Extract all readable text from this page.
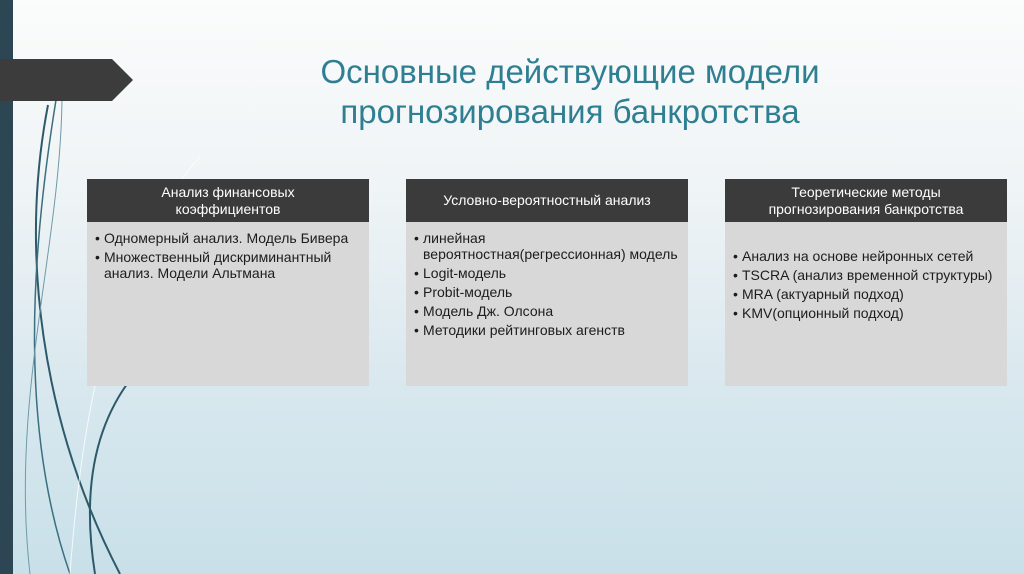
Основные действующие модели
прогнозирования банкротства
Анализ финансовых
коэффициентов
• Одномерный анализ. Модель Бивера
• Множественный дискриминантный анализ. Модели Альтмана
Условно-вероятностный анализ
• линейная вероятностная(регрессионная) модель
• Logit-модель
• Probit-модель
• Модель Дж. Олсона
• Методики рейтинговых агенств
Теоретические методы
прогнозирования банкротства
• Анализ на основе нейронных сетей
• TSCRA (анализ временной структуры)
• MRA (актуарный подход)
• KMV(опционный подход)
